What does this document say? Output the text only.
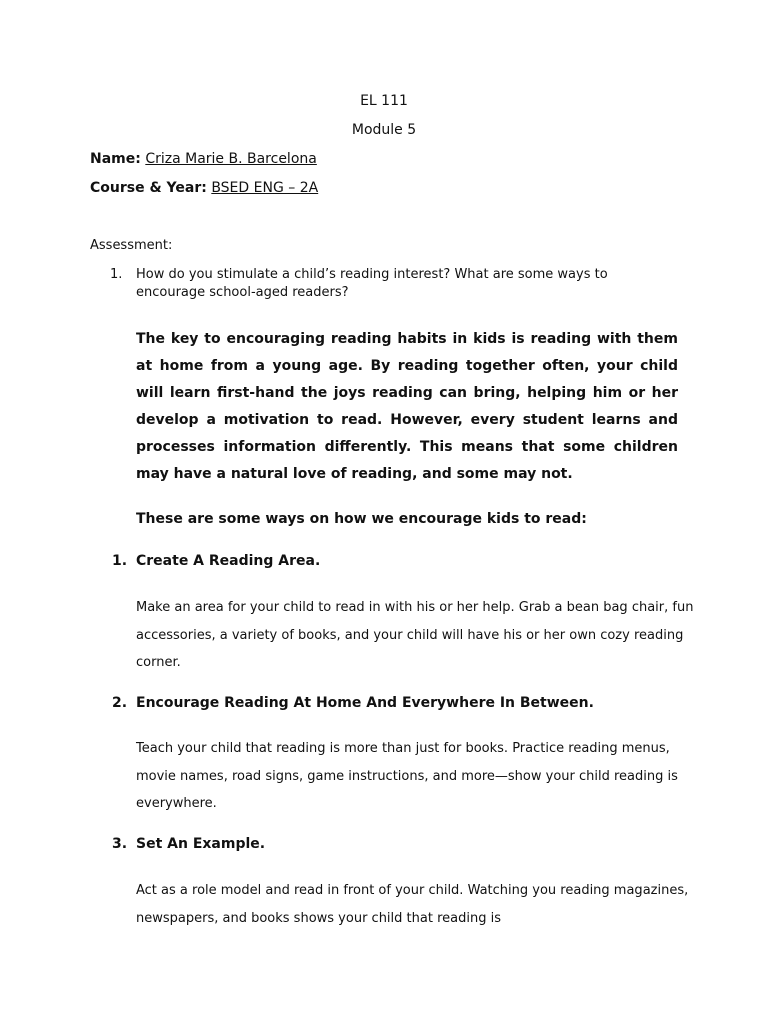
EL 111
Module 5
Name: Criza Marie B. Barcelona
Course & Year: BSED ENG – 2A
Assessment:
1. How do you stimulate a child’s reading interest? What are some ways to encourage school-aged readers?
The key to encouraging reading habits in kids is reading with them at home from a young age. By reading together often, your child will learn first-hand the joys reading can bring, helping him or her develop a motivation to read. However, every student learns and processes information differently. This means that some children may have a natural love of reading, and some may not.
These are some ways on how we encourage kids to read:
1. Create A Reading Area.
Make an area for your child to read in with his or her help. Grab a bean bag chair, fun accessories, a variety of books, and your child will have his or her own cozy reading corner.
2. Encourage Reading At Home And Everywhere In Between.
Teach your child that reading is more than just for books. Practice reading menus, movie names, road signs, game instructions, and more—show your child reading is everywhere.
3. Set An Example.
Act as a role model and read in front of your child. Watching you reading magazines, newspapers, and books shows your child that reading is
